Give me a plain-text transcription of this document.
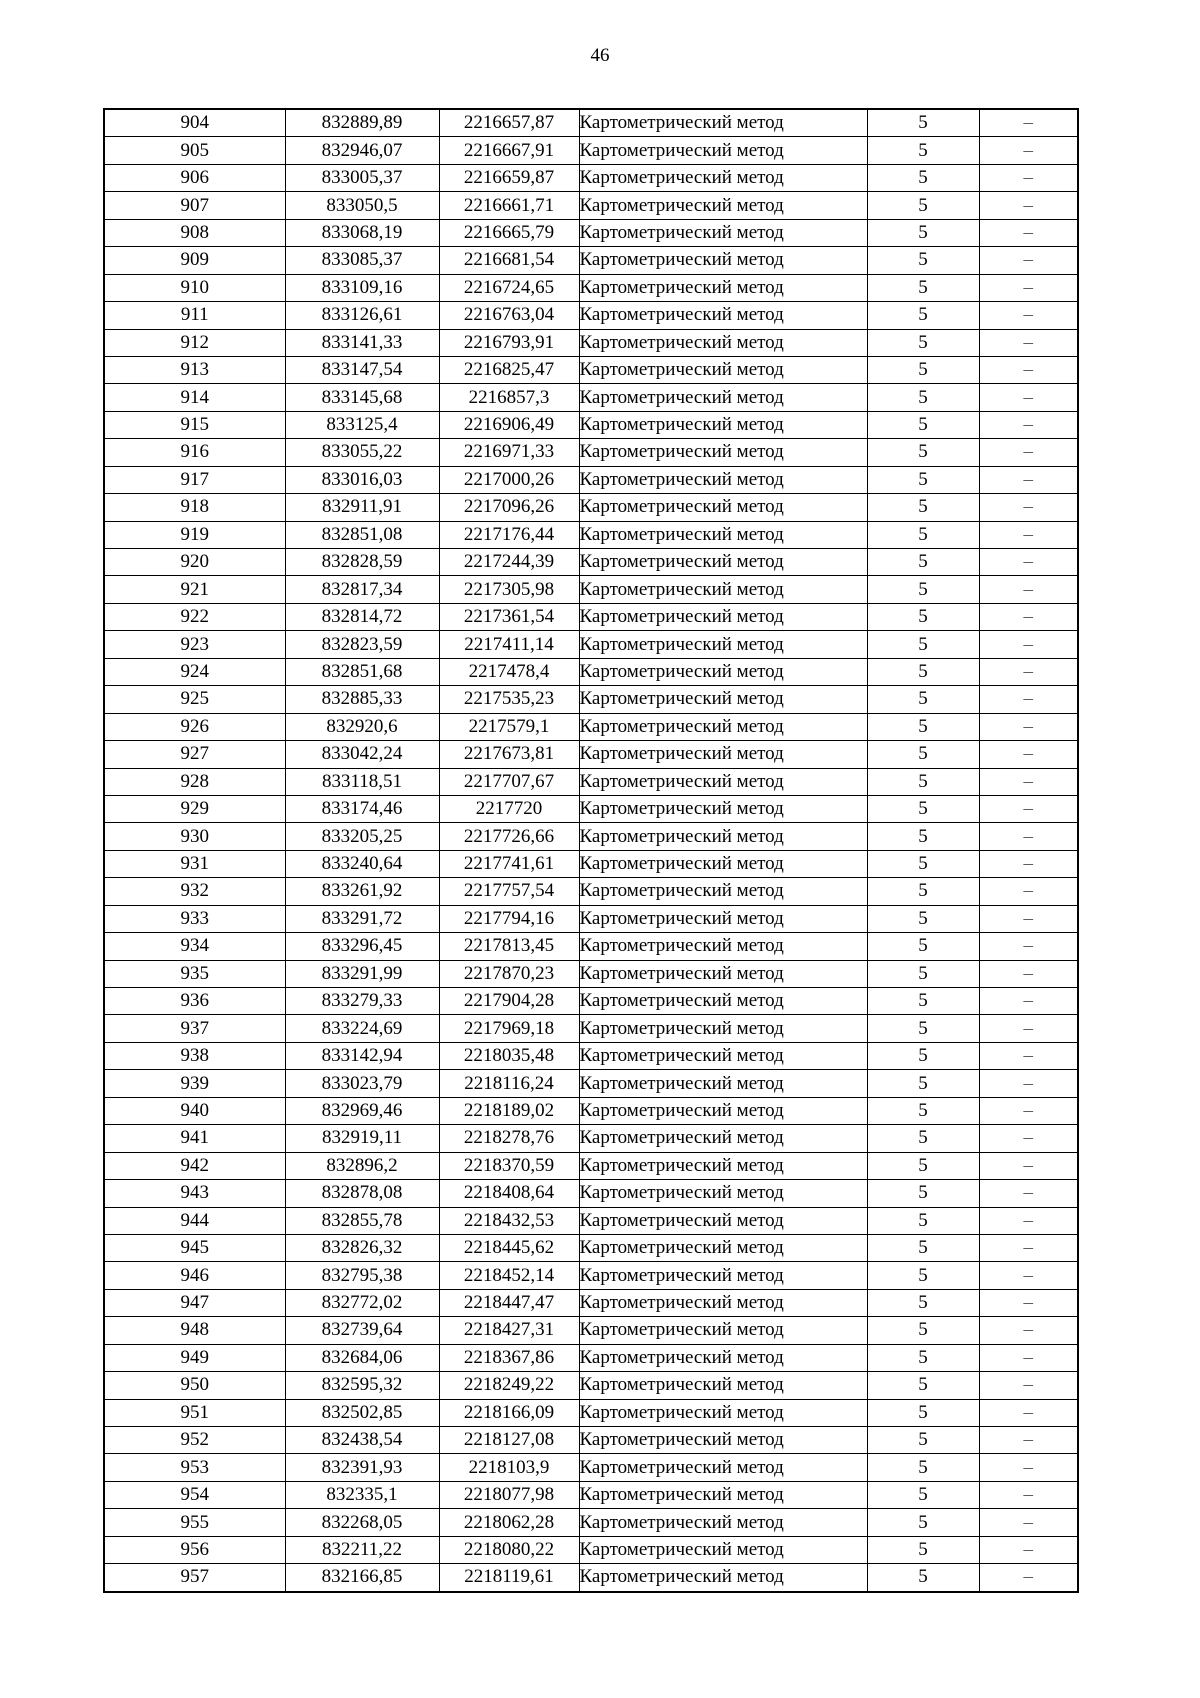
46
904	832889,89	2216657,87	Картометрический метод	5	–
905	832946,07	2216667,91	Картометрический метод	5	–
906	833005,37	2216659,87	Картометрический метод	5	–
907	833050,5	2216661,71	Картометрический метод	5	–
908	833068,19	2216665,79	Картометрический метод	5	–
909	833085,37	2216681,54	Картометрический метод	5	–
910	833109,16	2216724,65	Картометрический метод	5	–
911	833126,61	2216763,04	Картометрический метод	5	–
912	833141,33	2216793,91	Картометрический метод	5	–
913	833147,54	2216825,47	Картометрический метод	5	–
914	833145,68	2216857,3	Картометрический метод	5	–
915	833125,4	2216906,49	Картометрический метод	5	–
916	833055,22	2216971,33	Картометрический метод	5	–
917	833016,03	2217000,26	Картометрический метод	5	–
918	832911,91	2217096,26	Картометрический метод	5	–
919	832851,08	2217176,44	Картометрический метод	5	–
920	832828,59	2217244,39	Картометрический метод	5	–
921	832817,34	2217305,98	Картометрический метод	5	–
922	832814,72	2217361,54	Картометрический метод	5	–
923	832823,59	2217411,14	Картометрический метод	5	–
924	832851,68	2217478,4	Картометрический метод	5	–
925	832885,33	2217535,23	Картометрический метод	5	–
926	832920,6	2217579,1	Картометрический метод	5	–
927	833042,24	2217673,81	Картометрический метод	5	–
928	833118,51	2217707,67	Картометрический метод	5	–
929	833174,46	2217720	Картометрический метод	5	–
930	833205,25	2217726,66	Картометрический метод	5	–
931	833240,64	2217741,61	Картометрический метод	5	–
932	833261,92	2217757,54	Картометрический метод	5	–
933	833291,72	2217794,16	Картометрический метод	5	–
934	833296,45	2217813,45	Картометрический метод	5	–
935	833291,99	2217870,23	Картометрический метод	5	–
936	833279,33	2217904,28	Картометрический метод	5	–
937	833224,69	2217969,18	Картометрический метод	5	–
938	833142,94	2218035,48	Картометрический метод	5	–
939	833023,79	2218116,24	Картометрический метод	5	–
940	832969,46	2218189,02	Картометрический метод	5	–
941	832919,11	2218278,76	Картометрический метод	5	–
942	832896,2	2218370,59	Картометрический метод	5	–
943	832878,08	2218408,64	Картометрический метод	5	–
944	832855,78	2218432,53	Картометрический метод	5	–
945	832826,32	2218445,62	Картометрический метод	5	–
946	832795,38	2218452,14	Картометрический метод	5	–
947	832772,02	2218447,47	Картометрический метод	5	–
948	832739,64	2218427,31	Картометрический метод	5	–
949	832684,06	2218367,86	Картометрический метод	5	–
950	832595,32	2218249,22	Картометрический метод	5	–
951	832502,85	2218166,09	Картометрический метод	5	–
952	832438,54	2218127,08	Картометрический метод	5	–
953	832391,93	2218103,9	Картометрический метод	5	–
954	832335,1	2218077,98	Картометрический метод	5	–
955	832268,05	2218062,28	Картометрический метод	5	–
956	832211,22	2218080,22	Картометрический метод	5	–
957	832166,85	2218119,61	Картометрический метод	5	–
